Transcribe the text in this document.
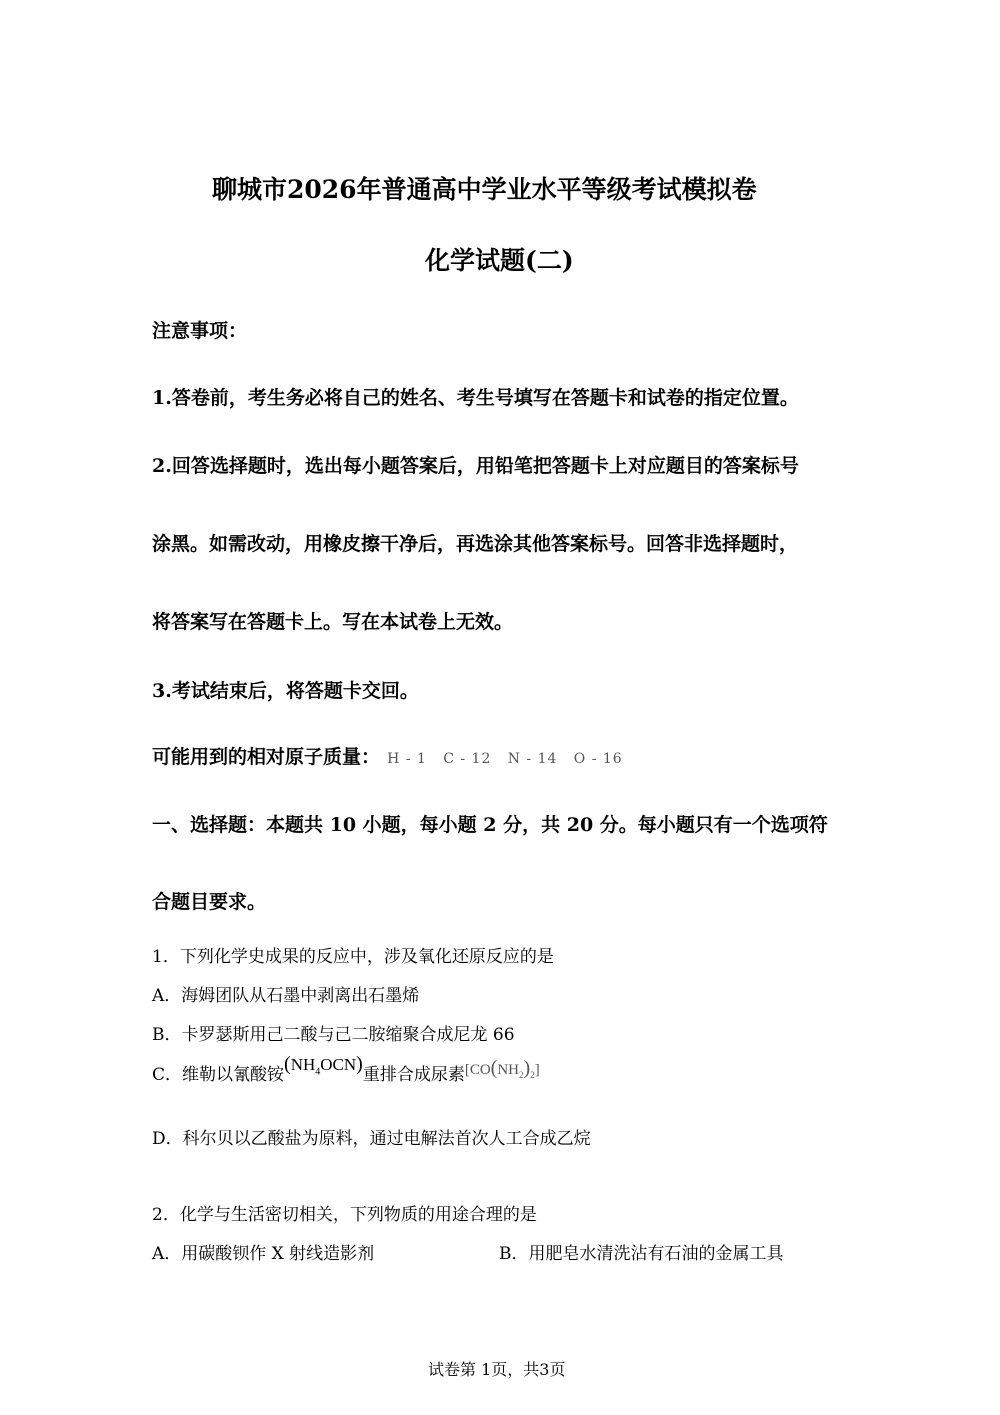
聊城市2026年普通高中学业水平等级考试模拟卷
化学试题(二)
注意事项：
1.答卷前，考生务必将自己的姓名、考生号填写在答题卡和试卷的指定位置。
2.回答选择题时，选出每小题答案后，用铅笔把答题卡上对应题目的答案标号
涂黑。如需改动，用橡皮擦干净后，再选涂其他答案标号。回答非选择题时，
将答案写在答题卡上。写在本试卷上无效。
3.考试结束后，将答题卡交回。
可能用到的相对原子质量： H - 1   C - 12   N - 14   O - 16
一、选择题：本题共 10 小题，每小题 2 分，共 20 分。每小题只有一个选项符
合题目要求。
1．下列化学史成果的反应中，涉及氧化还原反应的是
A．海姆团队从石墨中剥离出石墨烯
B．卡罗瑟斯用己二酸与己二胺缩聚合成尼龙 66
C．维勒以氰酸铵$(NH_4OCN)$重排合成尿素$[CO(NH_2)_2]$
D．科尔贝以乙酸盐为原料，通过电解法首次人工合成乙烷
2．化学与生活密切相关，下列物质的用途合理的是
A．用碳酸钡作 X 射线造影剂	B．用肥皂水清洗沾有石油的金属工具
试卷第 1页，共3页
